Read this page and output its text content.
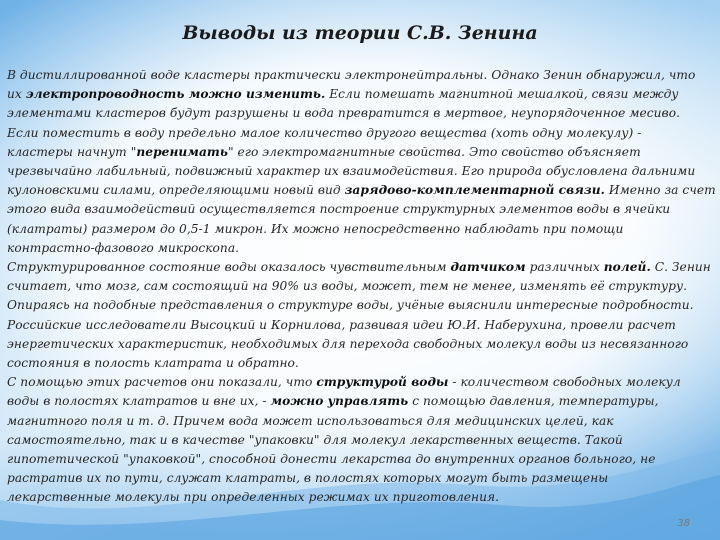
Выводы из теории С.В. Зенина
В дистиллированной воде кластеры практически электронейтральны. Однако Зенин обнаружил, что
их электропроводность можно изменить. Если помешать магнитной мешалкой, связи между
элементами кластеров будут разрушены и вода превратится в мертвое, неупорядоченное месиво.
Если поместить в воду предельно малое количество другого вещества (хоть одну молекулу) -
кластеры начнут "перенимать" его электромагнитные свойства. Это свойство объясняет
чрезвычайно лабильный, подвижный характер их взаимодействия. Его природа обусловлена дальними
кулоновскими силами, определяющими новый вид зарядово-комплементарной связи. Именно за счет
этого вида взаимодействий осуществляется построение структурных элементов воды в ячейки
(клатраты) размером до 0,5-1 микрон. Их можно непосредственно наблюдать при помощи
контрастно-фазового микроскопа.
Структурированное состояние воды оказалось чувствительным датчиком различных полей. С. Зенин
считает, что мозг, сам состоящий на 90% из воды, может, тем не менее, изменять её структуру.
Опираясь на подобные представления о структуре воды, учёные выяснили интересные подробности.
Российские исследователи Высоцкий и Корнилова, развивая идеи Ю.И. Наберухина, провели расчет
энергетических характеристик, необходимых для перехода свободных молекул воды из несвязанного
состояния в полость клатрата и обратно.
С помощью этих расчетов они показали, что структурой воды - количеством свободных молекул
воды в полостях клатратов и вне их, - можно управлять с помощью давления, температуры,
магнитного поля и т. д. Причем вода может использоваться для медицинских целей, как
самостоятельно, так и в качестве "упаковки" для молекул лекарственных веществ. Такой
гипотетической "упаковкой", способной донести лекарства до внутренних органов больного, не
растратив их по пути, служат клатраты, в полостях которых могут быть размещены
лекарственные молекулы при определенных режимах их приготовления.
38
